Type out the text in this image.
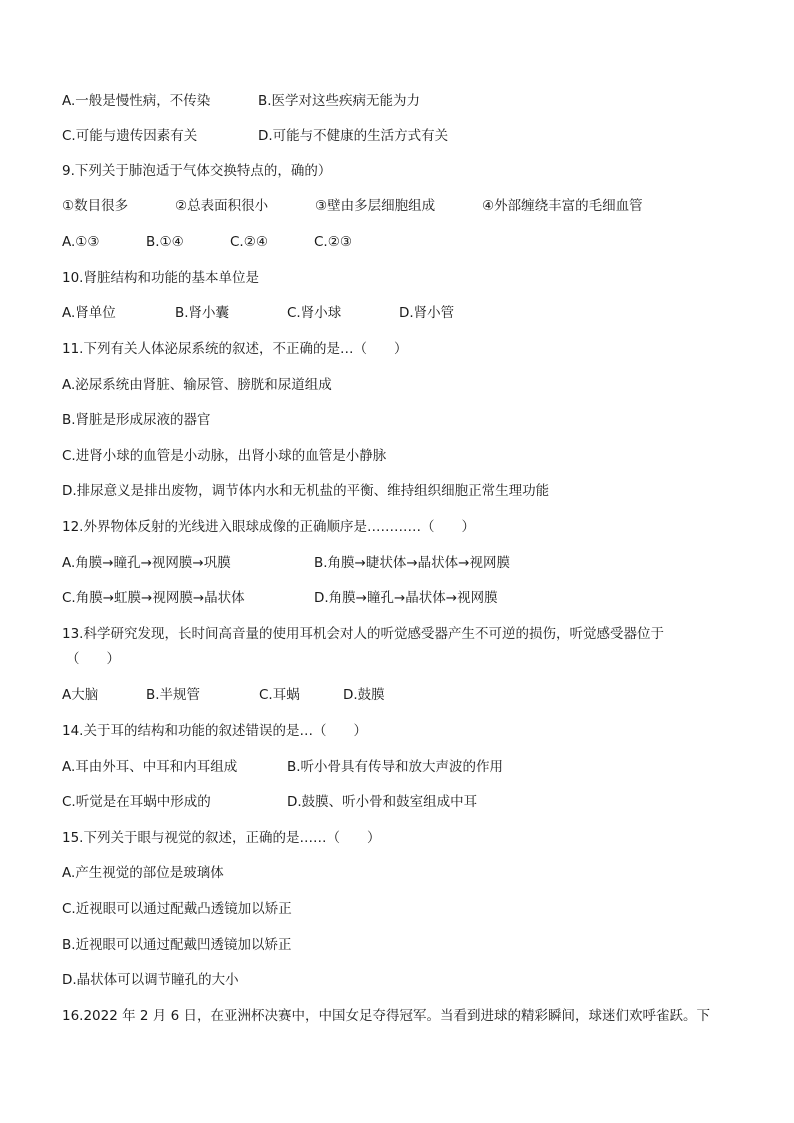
A.一般是慢性病，不传染	B.医学对这些疾病无能为力
C.可能与遗传因素有关	D.可能与不健康的生活方式有关
9.下列关于肺泡适于气体交换特点的，确的）
①数目很多	②总表面积很小	③壁由多层细胞组成	④外部缠绕丰富的毛细血管
A.①③	B.①④	C.②④	C.②③
10.肾脏结构和功能的基本单位是
A.肾单位	B.肾小囊	C.肾小球	D.肾小管
11.下列有关人体泌尿系统的叙述，不正确的是…（　　）
A.泌尿系统由肾脏、输尿管、膀胱和尿道组成
B.肾脏是形成尿液的器官
C.进肾小球的血管是小动脉，出肾小球的血管是小静脉
D.排尿意义是排出废物，调节体内水和无机盐的平衡、维持组织细胞正常生理功能
12.外界物体反射的光线进入眼球成像的正确顺序是…………（　　）
A.角膜→瞳孔→视网膜→巩膜	B.角膜→睫状体→晶状体→视网膜
C.角膜→虹膜→视网膜→晶状体	D.角膜→瞳孔→晶状体→视网膜
13.科学研究发现，长时间高音量的使用耳机会对人的听觉感受器产生不可逆的损伤，听觉感受器位于
（　　）
A大脑	B.半规管	C.耳蜗	D.鼓膜
14.关于耳的结构和功能的叙述错误的是…（　　）
A.耳由外耳、中耳和内耳组成	B.听小骨具有传导和放大声波的作用
C.听觉是在耳蜗中形成的	D.鼓膜、听小骨和鼓室组成中耳
15.下列关于眼与视觉的叙述，正确的是……（　　）
A.产生视觉的部位是玻璃体
C.近视眼可以通过配戴凸透镜加以矫正
B.近视眼可以通过配戴凹透镜加以矫正
D.晶状体可以调节瞳孔的大小
16.2022 年 2 月 6 日，在亚洲杯决赛中，中国女足夺得冠军。当看到进球的精彩瞬间，球迷们欢呼雀跃。下
